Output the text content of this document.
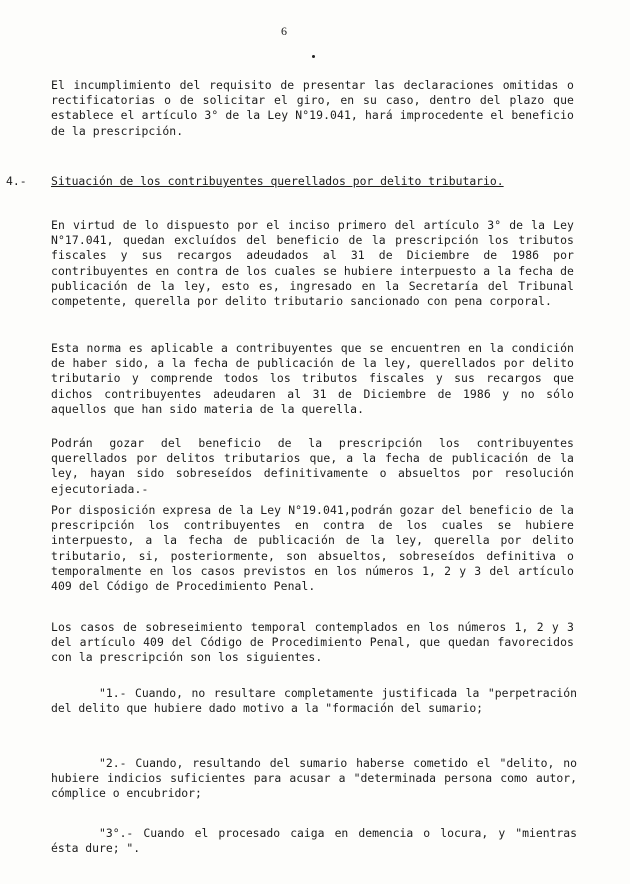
6

El incumplimiento del requisito de presentar las declaraciones omitidas o rectificatorias o de solicitar el giro, en su caso, dentro del plazo que establece el artículo 3° de la Ley N°19.041, hará improcedente el beneficio de la prescripción.

4.- Situación de los contribuyentes querellados por delito tributario.

En virtud de lo dispuesto por el inciso primero del artículo 3° de la Ley N°17.041, quedan excluídos del beneficio de la prescripción los tributos fiscales y sus recargos adeudados al 31 de Diciembre de 1986 por contribuyentes en contra de los cuales se hubiere interpuesto a la fecha de publicación de la ley, esto es, ingresado en la Secretaría del Tribunal competente, querella por delito tributario sancionado con pena corporal.

Esta norma es aplicable a contribuyentes que se encuentren en la condición de haber sido, a la fecha de publicación de la ley, querellados por delito tributario y comprende todos los tributos fiscales y sus recargos que dichos contribuyentes adeudaren al 31 de Diciembre de 1986 y no sólo aquellos que han sido materia de la querella.

Podrán gozar del beneficio de la prescripción los contribuyentes querellados por delitos tributarios que, a la fecha de publicación de la ley, hayan sido sobreseídos definitivamente o absueltos por resolución ejecutoriada.-

Por disposición expresa de la Ley N°19.041,podrán gozar del beneficio de la prescripción los contribuyentes en contra de los cuales se hubiere interpuesto, a la fecha de publicación de la ley, querella por delito tributario, si, posteriormente, son absueltos, sobreseídos definitiva o temporalmente en los casos previstos en los números 1, 2 y 3 del artículo 409 del Código de Procedimiento Penal.

Los casos de sobreseimiento temporal contemplados en los números 1, 2 y 3 del artículo 409 del Código de Procedimiento Penal, que quedan favorecidos con la prescripción son los siguientes.

"1.- Cuando, no resultare completamente justificada la "perpetración del delito que hubiere dado motivo a la "formación del sumario;

"2.- Cuando, resultando del sumario haberse cometido el "delito, no hubiere indicios suficientes para acusar a "determinada persona como autor, cómplice o encubridor;

"3°.- Cuando el procesado caiga en demencia o locura, y "mientras ésta dure; ".
